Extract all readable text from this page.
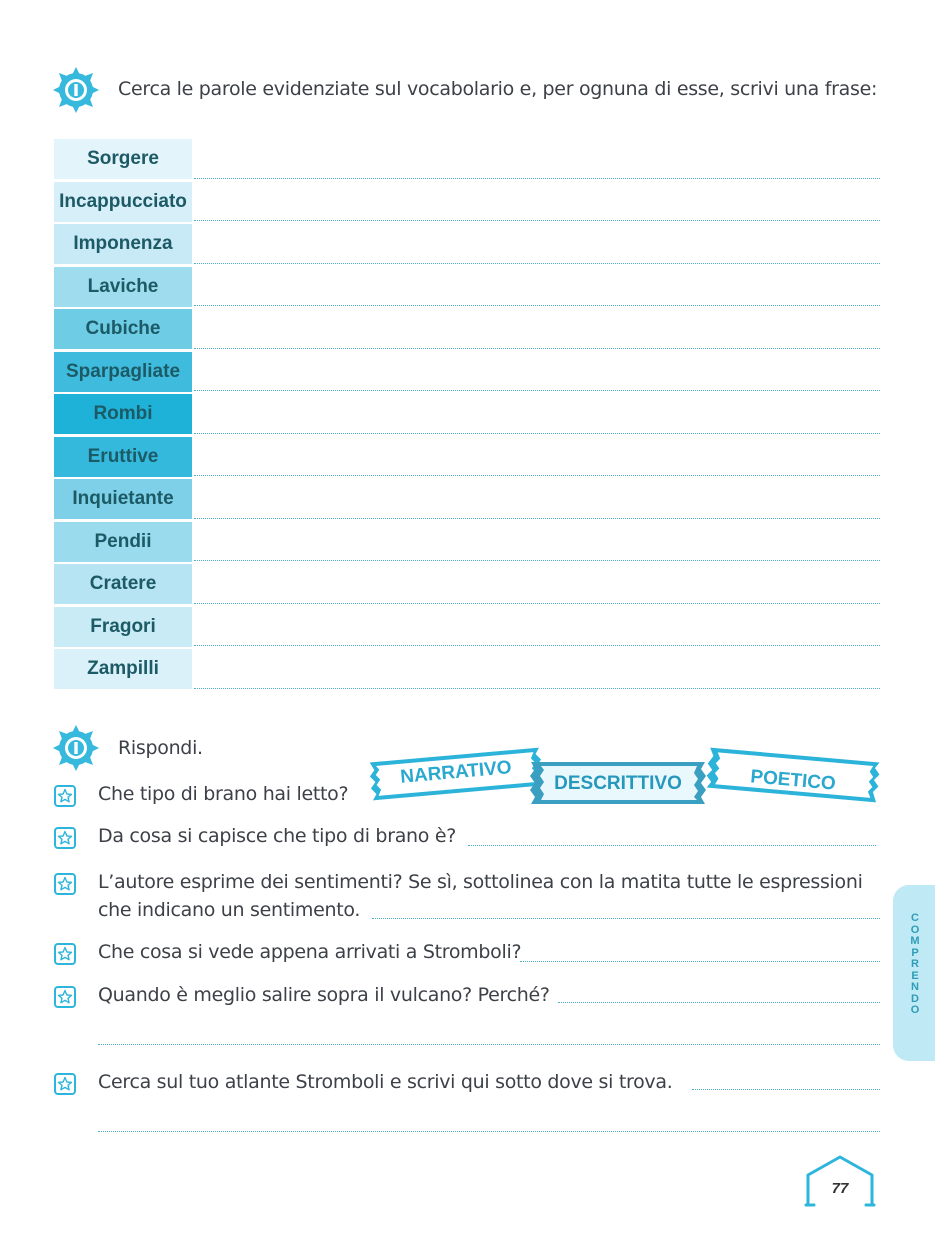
Cerca le parole evidenziate sul vocabolario e, per ognuna di esse, scrivi una frase:
Sorgere
Incappucciato
Imponenza
Laviche
Cubiche
Sparpagliate
Rombi
Eruttive
Inquietante
Pendii
Cratere
Fragori
Zampilli
Rispondi.
Che tipo di brano hai letto?
NARRATIVO	DESCRITTIVO	POETICO
Da cosa si capisce che tipo di brano è?
L’autore esprime dei sentimenti? Se sì, sottolinea con la matita tutte le espressioni
che indicano un sentimento.
Che cosa si vede appena arrivati a Stromboli?
Quando è meglio salire sopra il vulcano? Perché?
Cerca sul tuo atlante Stromboli e scrivi qui sotto dove si trova.
COMPRENDO
77
